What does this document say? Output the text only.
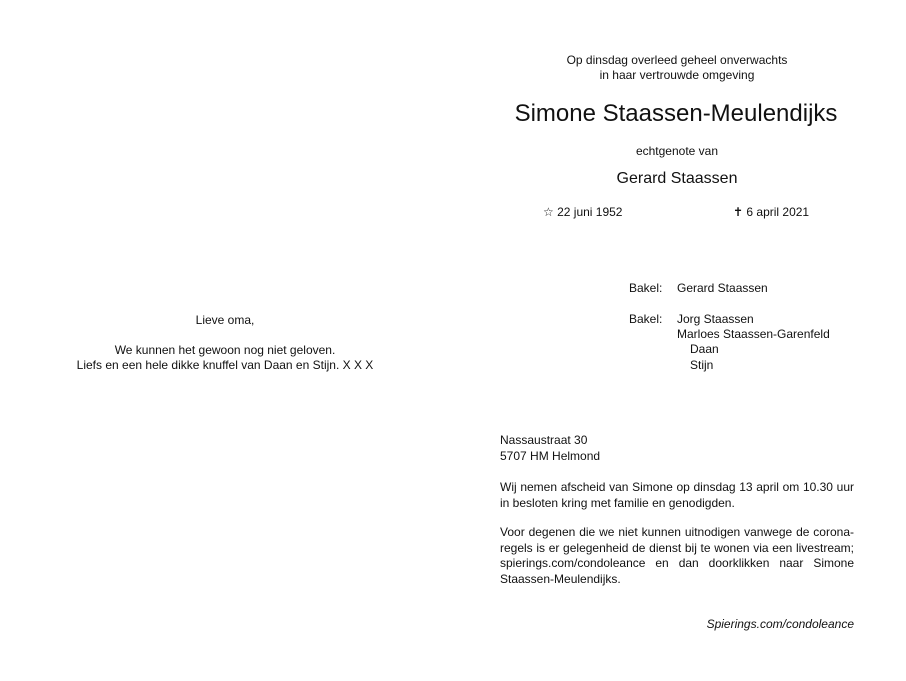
Lieve oma,
We kunnen het gewoon nog niet geloven.
Liefs en een hele dikke knuffel van Daan en Stijn. X X X
Op dinsdag overleed geheel onverwachts
in haar vertrouwde omgeving
Simone Staassen-Meulendijks
echtgenote van
Gerard Staassen
☆ 22 juni 1952	✝ 6 april 2021
Bakel: Gerard Staassen
Bakel: Jorg Staassen
Marloes Staassen-Garenfeld
Daan
Stijn
Nassaustraat 30
5707 HM Helmond
Wij nemen afscheid van Simone op dinsdag 13 april om 10.30 uur in besloten kring met familie en genodigden.
Voor degenen die we niet kunnen uitnodigen vanwege de corona-regels is er gelegenheid de dienst bij te wonen via een livestream; spierings.com/condoleance en dan doorklikken naar Simone Staassen-Meulendijks.
Spierings.com/condoleance
